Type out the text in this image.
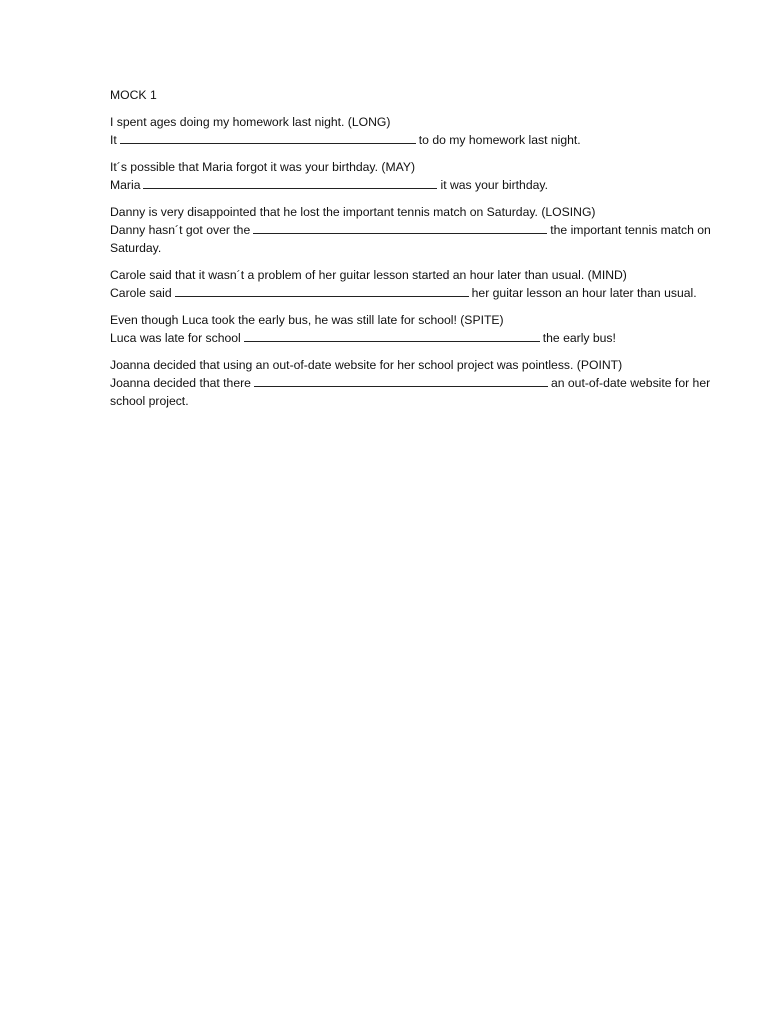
MOCK 1
I spent ages doing my homework last night. (LONG)
It	to do my homework last night.
It´s possible that Maria forgot it was your birthday. (MAY)
Maria	it was your birthday.
Danny is very disappointed that he lost the important tennis match on Saturday. (LOSING)
Danny hasn´t got over the	the important tennis match on Saturday.
Carole said that it wasn´t a problem of her guitar lesson started an hour later than usual. (MIND)
Carole said	her guitar lesson an hour later than usual.
Even though Luca took the early bus, he was still late for school! (SPITE)
Luca was late for school	the early bus!
Joanna decided that using an out-of-date website for her school project was pointless. (POINT)
Joanna decided that there	an out-of-date website for her school project.
